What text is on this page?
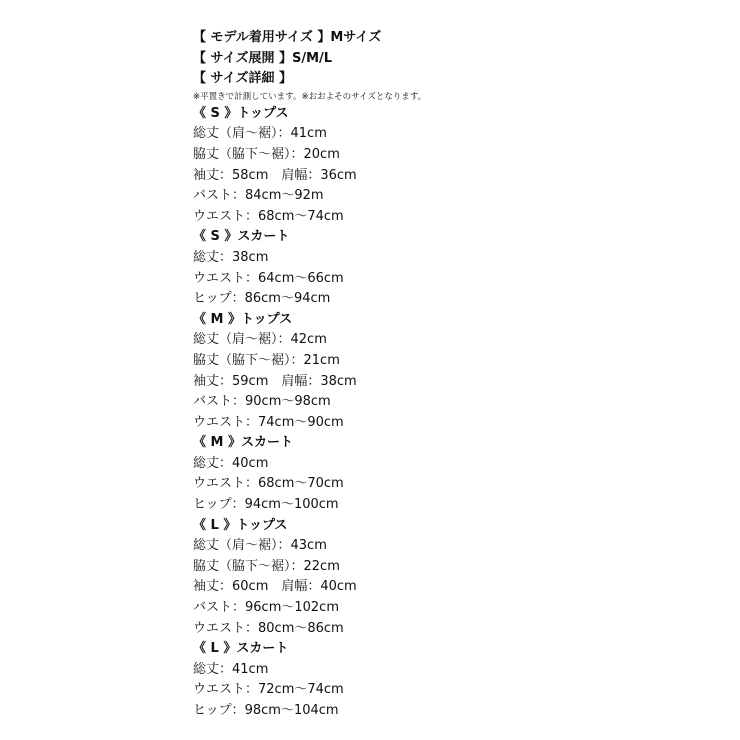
【 モデル着用サイズ 】Mサイズ
【 サイズ展開 】S/M/L
【 サイズ詳細 】
※平置きで計測しています。※おおよそのサイズとなります。
《 S 》トップス
総丈（肩〜裾）：41cm
脇丈（脇下〜裾）：20cm
袖丈：58cm　肩幅：36cm
バスト：84cm〜92m
ウエスト：68cm〜74cm
《 S 》スカート
総丈：38cm
ウエスト：64cm〜66cm
ヒップ：86cm〜94cm
《 M 》トップス
総丈（肩〜裾）：42cm
脇丈（脇下〜裾）：21cm
袖丈：59cm　肩幅：38cm
バスト：90cm〜98cm
ウエスト：74cm〜90cm
《 M 》スカート
総丈：40cm
ウエスト：68cm〜70cm
ヒップ：94cm〜100cm
《 L 》トップス
総丈（肩〜裾）：43cm
脇丈（脇下〜裾）：22cm
袖丈：60cm　肩幅：40cm
バスト：96cm〜102cm
ウエスト：80cm〜86cm
《 L 》スカート
総丈：41cm
ウエスト：72cm〜74cm
ヒップ：98cm〜104cm
